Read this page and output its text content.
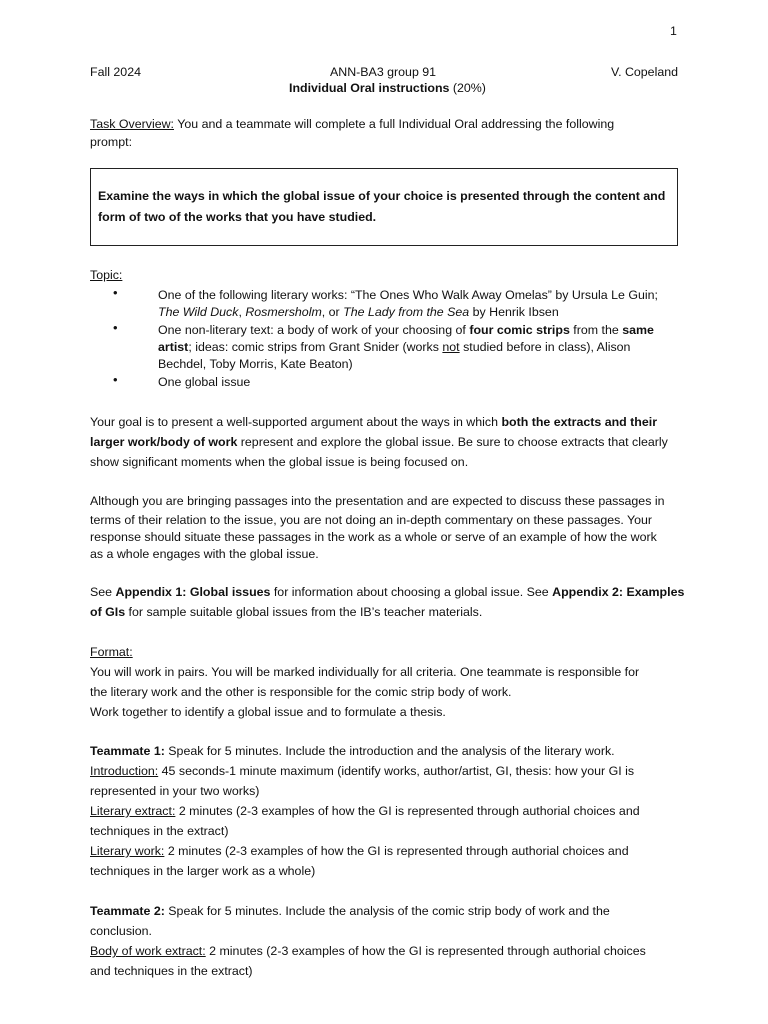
1
Fall 2024	ANN-BA3 group 91	V. Copeland
Individual Oral instructions (20%)
Task Overview: You and a teammate will complete a full Individual Oral addressing the following
prompt:
Examine the ways in which the global issue of your choice is presented through the content and
form of two of the works that you have studied.
Topic:
•	One of the following literary works: “The Ones Who Walk Away Omelas” by Ursula Le Guin;
The Wild Duck, Rosmersholm, or The Lady from the Sea by Henrik Ibsen
•	One non-literary text: a body of work of your choosing of four comic strips from the same
artist; ideas: comic strips from Grant Snider (works not studied before in class), Alison
Bechdel, Toby Morris, Kate Beaton)
•	One global issue
Your goal is to present a well-supported argument about the ways in which both the extracts and their
larger work/body of work represent and explore the global issue. Be sure to choose extracts that clearly
show significant moments when the global issue is being focused on.
Although you are bringing passages into the presentation and are expected to discuss these passages in
terms of their relation to the issue, you are not doing an in-depth commentary on these passages. Your
response should situate these passages in the work as a whole or serve of an example of how the work
as a whole engages with the global issue.
See Appendix 1: Global issues for information about choosing a global issue. See Appendix 2: Examples
of GIs for sample suitable global issues from the IB’s teacher materials.
Format:
You will work in pairs. You will be marked individually for all criteria. One teammate is responsible for
the literary work and the other is responsible for the comic strip body of work.
Work together to identify a global issue and to formulate a thesis.
Teammate 1: Speak for 5 minutes. Include the introduction and the analysis of the literary work.
Introduction: 45 seconds-1 minute maximum (identify works, author/artist, GI, thesis: how your GI is
represented in your two works)
Literary extract: 2 minutes (2-3 examples of how the GI is represented through authorial choices and
techniques in the extract)
Literary work: 2 minutes (2-3 examples of how the GI is represented through authorial choices and
techniques in the larger work as a whole)
Teammate 2: Speak for 5 minutes. Include the analysis of the comic strip body of work and the
conclusion.
Body of work extract: 2 minutes (2-3 examples of how the GI is represented through authorial choices
and techniques in the extract)
